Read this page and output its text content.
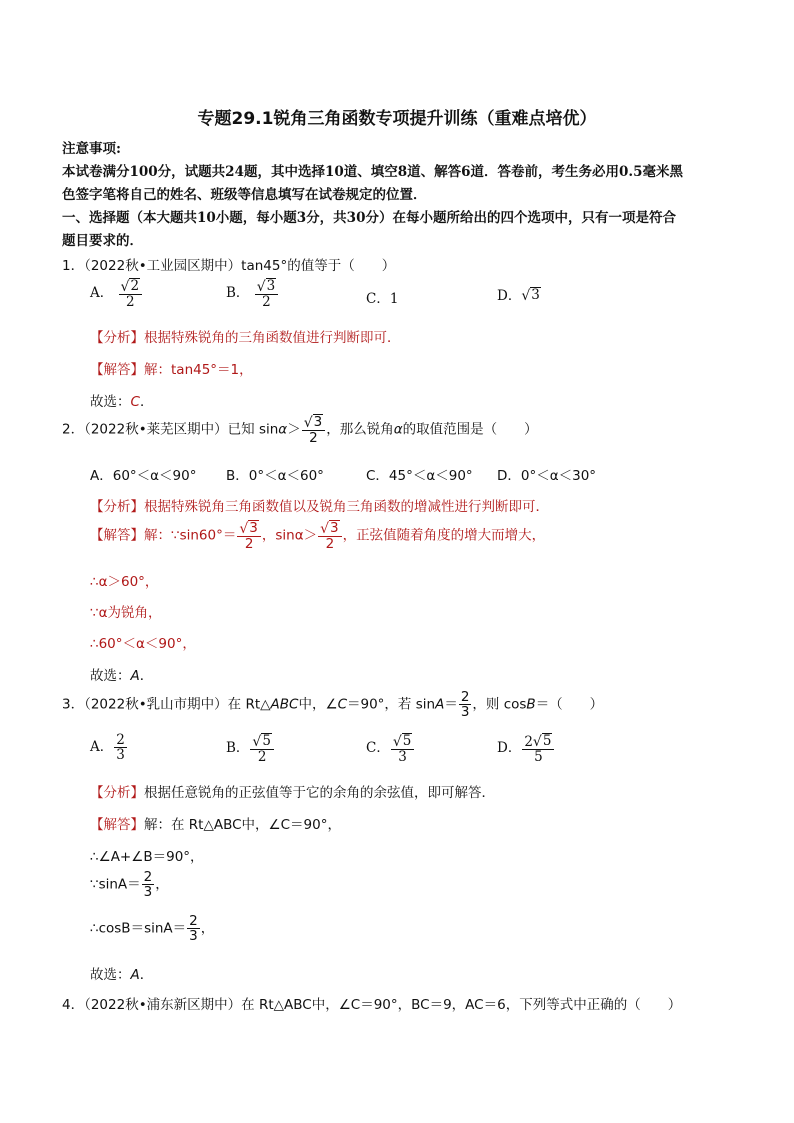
专题29.1锐角三角函数专项提升训练（重难点培优）
注意事项:
本试卷满分100分，试题共24题，其中选择10道、填空8道、解答6道．答卷前，考生务必用0.5毫米黑
色签字笔将自己的姓名、班级等信息填写在试卷规定的位置．
一、选择题（本大题共10小题，每小题3分，共30分）在每小题所给出的四个选项中，只有一项是符合
题目要求的．
1．（2022秋•工业园区期中）tan45°的值等于（　　）
A． $\frac{√ 2}{2}$	B． $\frac{√ 3}{2}$	C．1	D． √ 3
【分析】根据特殊锐角的三角函数值进行判断即可．
【解答】解：tan45°＝1，
故选：C．
2．（2022秋•莱芜区期中）已知 $\sin\alpha> \frac{√ 3}{2}$ ，那么锐角α的取值范围是（　　）
A．60°＜α＜90° B．0°＜α＜60°	C．45°＜α＜90° D．0°＜α＜30°
【分析】根据特殊锐角三角函数值以及锐角三角函数的增减性进行判断即可．
【解答】解：∵sin60°＝ $\frac{√ 3}{2}$ ，$\sin\alpha> \frac{√ 3}{2}$ ，正弦值随着角度的增大而增大，
∴α＞60°，
∵α为锐角，
∴60°＜α＜90°，
故选：A．
3．（2022秋•乳山市期中）在 Rt△ABC中，∠C＝90°，若 $\sin A= \frac{2}{3}$ ，则 cosB＝（　　）
A． $\frac{2}{3}$	B． $\frac{√ 5}{2}$	C． $\frac{√ 5}{3}$	D． $\frac{2 √ 5}{5}$
【分析】根据任意锐角的正弦值等于它的余角的余弦值，即可解答．
【解答】解：在 Rt△ABC中，∠C＝90°，
∴∠A+∠B＝90°，
∵sinA＝ $\frac{2}{3}$ ，
∴cosB＝sinA＝ $\frac{2}{3}$ ，
故选：A．
4．（2022秋•浦东新区期中）在 Rt△ABC中，∠C＝90°，BC＝9，AC＝6，下列等式中正确的（　　）
